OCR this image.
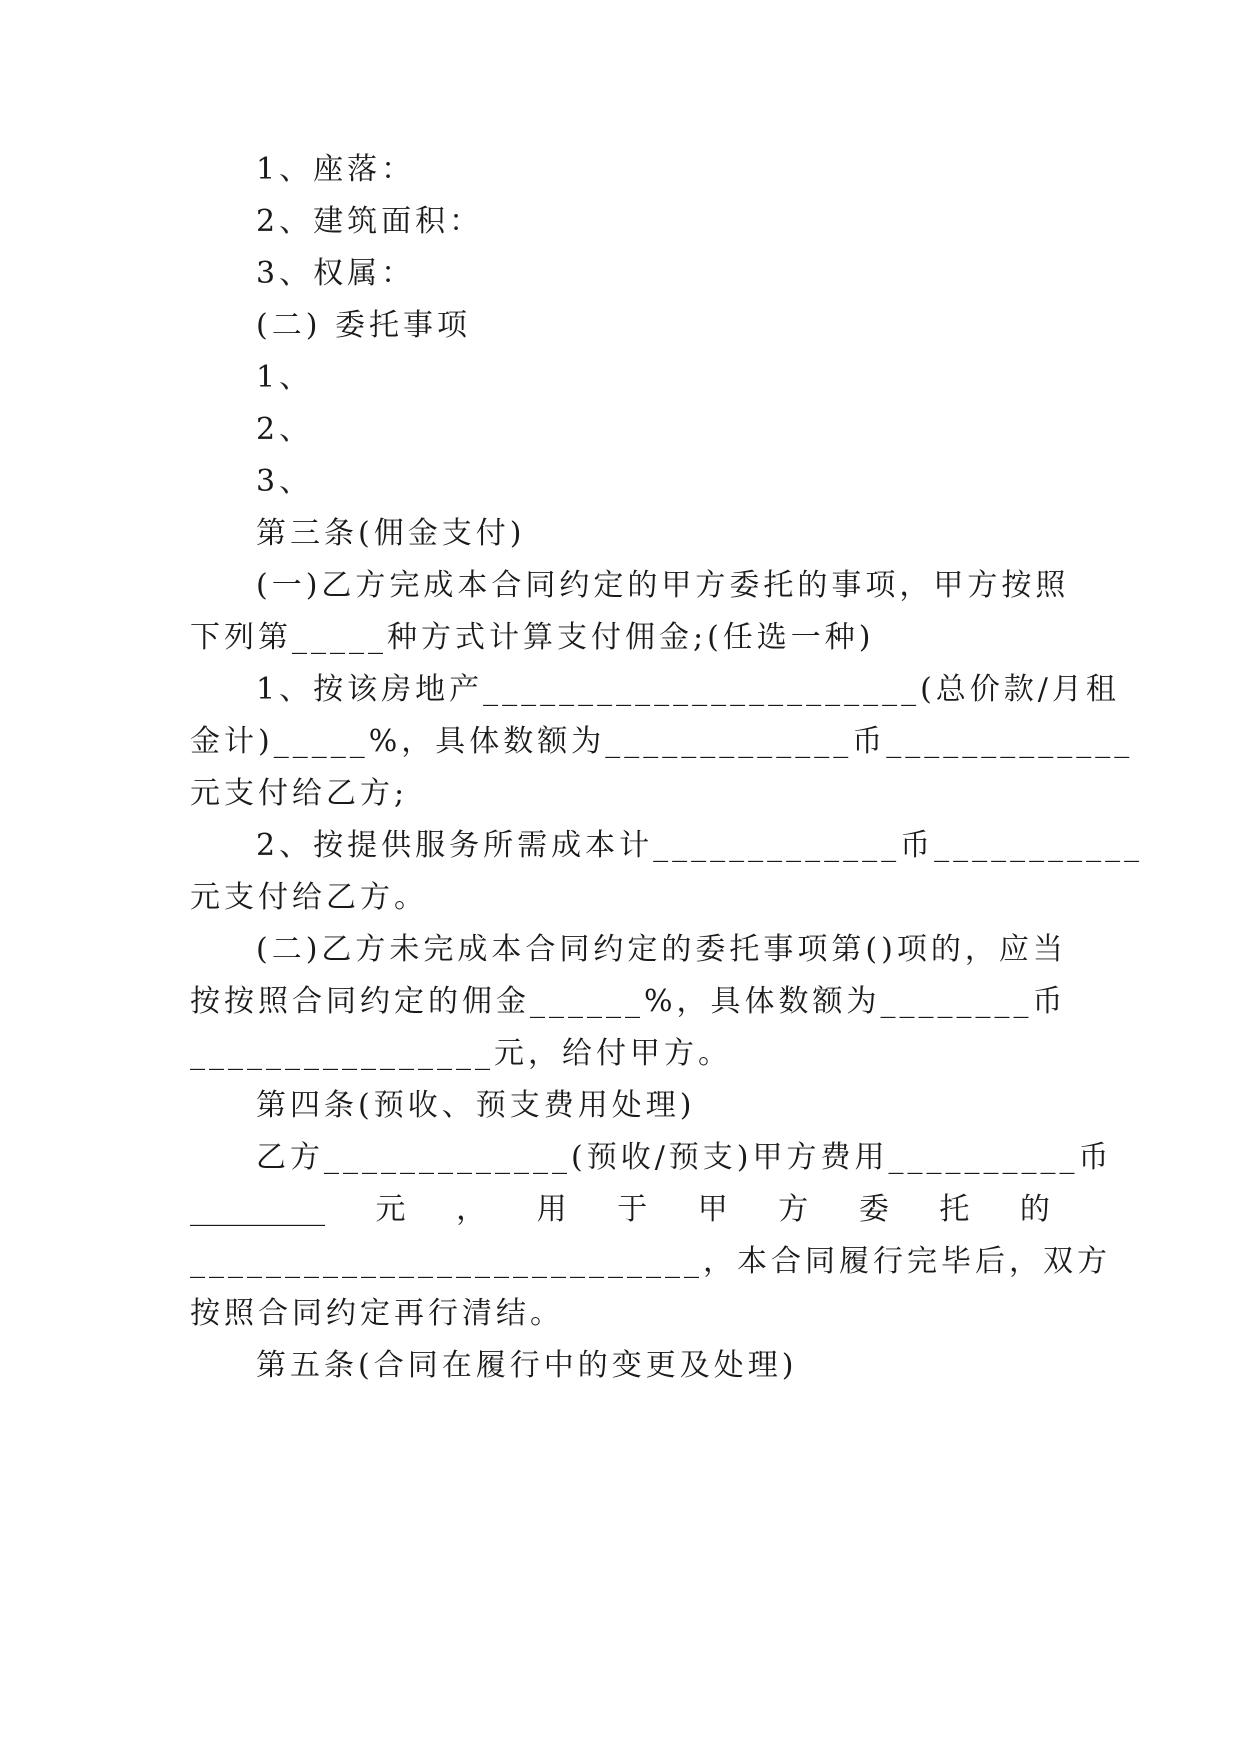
1、座落：
2、建筑面积：
3、权属：
(二) 委托事项
1、
2、
3、
第三条(佣金支付)
(一)乙方完成本合同约定的甲方委托的事项，甲方按照
下列第_____种方式计算支付佣金;(任选一种)
1、按该房地产_______________________(总价款/月租
金计)_____%，具体数额为_____________币_____________
元支付给乙方;
2、按提供服务所需成本计_____________币___________
元支付给乙方。
(二)乙方未完成本合同约定的委托事项第()项的，应当
按按照合同约定的佣金______%，具体数额为________币
________________元，给付甲方。
第四条(预收、预支费用处理)
乙方_____________(预收/预支)甲方费用__________币
_________ 元 ， 用 于 甲 方 委 托 的
___________________________，本合同履行完毕后，双方
按照合同约定再行清结。
第五条(合同在履行中的变更及处理)
